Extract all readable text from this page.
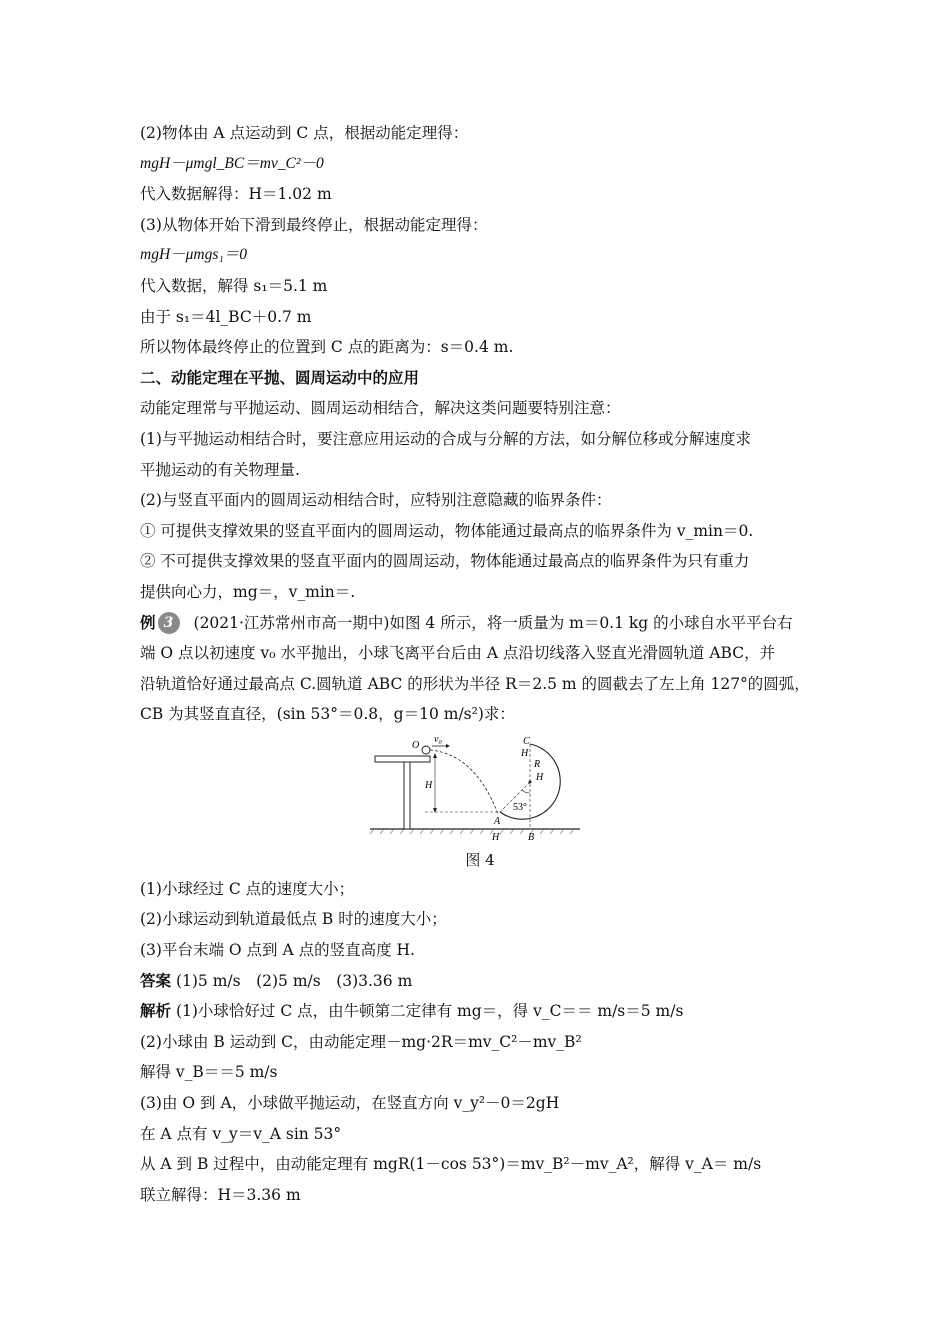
(2)物体由 A 点运动到 C 点，根据动能定理得：
mgH－μmgl_BC＝mv_C²－0
代入数据解得：H＝1.02 m
(3)从物体开始下滑到最终停止，根据动能定理得：
mgH－μmgs₁＝0
代入数据，解得 s₁＝5.1 m
由于 s₁＝4l_BC＋0.7 m
所以物体最终停止的位置到 C 点的距离为：s＝0.4 m.
二、动能定理在平抛、圆周运动中的应用
动能定理常与平抛运动、圆周运动相结合，解决这类问题要特别注意：
(1)与平抛运动相结合时，要注意应用运动的合成与分解的方法，如分解位移或分解速度求
平抛运动的有关物理量.
(2)与竖直平面内的圆周运动相结合时，应特别注意隐藏的临界条件：
① 可提供支撑效果的竖直平面内的圆周运动，物体能通过最高点的临界条件为 v_min＝0.
② 不可提供支撑效果的竖直平面内的圆周运动，物体能通过最高点的临界条件为只有重力
提供向心力，mg＝，v_min＝.
例 3	(2021·江苏常州市高一期中)如图 4 所示，将一质量为 m＝0.1 kg 的小球自水平平台右
端 O 点以初速度 v₀ 水平抛出，小球飞离平台后由 A 点沿切线落入竖直光滑圆轨道 ABC，并
沿轨道恰好通过最高点 C.圆轨道 ABC 的形状为半径 R＝2.5 m 的圆截去了左上角 127°的圆弧，
CB 为其竖直直径，(sin 53°＝0.8，g＝10 m/s²)求：
O
v₀
H
C
H
R
H
53°
A
H	B
图 4
(1)小球经过 C 点的速度大小；
(2)小球运动到轨道最低点 B 时的速度大小；
(3)平台末端 O 点到 A 点的竖直高度 H.
答案 (1)5 m/s　(2)5 m/s　(3)3.36 m
解析 (1)小球恰好过 C 点，由牛顿第二定律有 mg＝，得 v_C＝＝ m/s＝5 m/s
(2)小球由 B 运动到 C，由动能定理－mg·2R＝mv_C²－mv_B²
解得 v_B＝＝5 m/s
(3)由 O 到 A，小球做平抛运动，在竖直方向 v_y²－0＝2gH
在 A 点有 v_y＝v_A sin 53°
从 A 到 B 过程中，由动能定理有 mgR(1－cos 53°)＝mv_B²－mv_A²，解得 v_A＝ m/s
联立解得：H＝3.36 m
